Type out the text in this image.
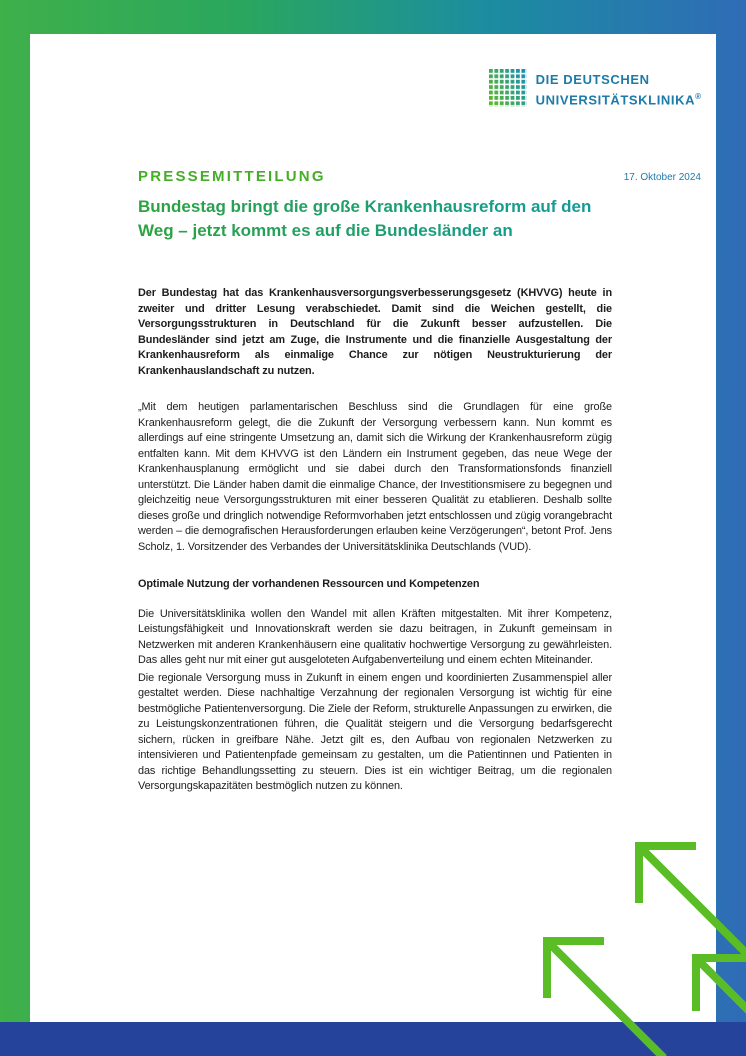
DIE DEUTSCHEN
UNIVERSITÄTSKLINIKA®
PRESSEMITTEILUNG	17. Oktober 2024
Bundestag bringt die große Krankenhausreform auf den Weg – jetzt kommt es auf die Bundesländer an

Der Bundestag hat das Krankenhausversorgungsverbesserungsgesetz (KHVVG) heute in zweiter und dritter Lesung verabschiedet. Damit sind die Weichen gestellt, die Versorgungsstrukturen in Deutschland für die Zukunft besser aufzustellen. Die Bundesländer sind jetzt am Zuge, die Instrumente und die finanzielle Ausgestaltung der Krankenhausreform als einmalige Chance zur nötigen Neustrukturierung der Krankenhauslandschaft zu nutzen.

„Mit dem heutigen parlamentarischen Beschluss sind die Grundlagen für eine große Krankenhausreform gelegt, die die Zukunft der Versorgung verbessern kann. Nun kommt es allerdings auf eine stringente Umsetzung an, damit sich die Wirkung der Krankenhausreform zügig entfalten kann. Mit dem KHVVG ist den Ländern ein Instrument gegeben, das neue Wege der Krankenhausplanung ermöglicht und sie dabei durch den Transformationsfonds finanziell unterstützt. Die Länder haben damit die einmalige Chance, der Investitionsmisere zu begegnen und gleichzeitig neue Versorgungsstrukturen mit einer besseren Qualität zu etablieren. Deshalb sollte dieses große und dringlich notwendige Reformvorhaben jetzt entschlossen und zügig vorangebracht werden – die demografischen Herausforderungen erlauben keine Verzögerungen“, betont Prof. Jens Scholz, 1. Vorsitzender des Verbandes der Universitätsklinika Deutschlands (VUD).

Optimale Nutzung der vorhandenen Ressourcen und Kompetenzen

Die Universitätsklinika wollen den Wandel mit allen Kräften mitgestalten. Mit ihrer Kompetenz, Leistungsfähigkeit und Innovationskraft werden sie dazu beitragen, in Zukunft gemeinsam in Netzwerken mit anderen Krankenhäusern eine qualitativ hochwertige Versorgung zu gewährleisten. Das alles geht nur mit einer gut ausgeloteten Aufgabenverteilung und einem echten Miteinander.

Die regionale Versorgung muss in Zukunft in einem engen und koordinierten Zusammenspiel aller gestaltet werden. Diese nachhaltige Verzahnung der regionalen Versorgung ist wichtig für eine bestmögliche Patientenversorgung. Die Ziele der Reform, strukturelle Anpassungen zu erwirken, die zu Leistungskonzentrationen führen, die Qualität steigern und die Versorgung bedarfsgerecht sichern, rücken in greifbare Nähe. Jetzt gilt es, den Aufbau von regionalen Netzwerken zu intensivieren und Patientenpfade gemeinsam zu gestalten, um die Patientinnen und Patienten in das richtige Behandlungssetting zu steuern. Dies ist ein wichtiger Beitrag, um die regionalen Versorgungskapazitäten bestmöglich nutzen zu können.
